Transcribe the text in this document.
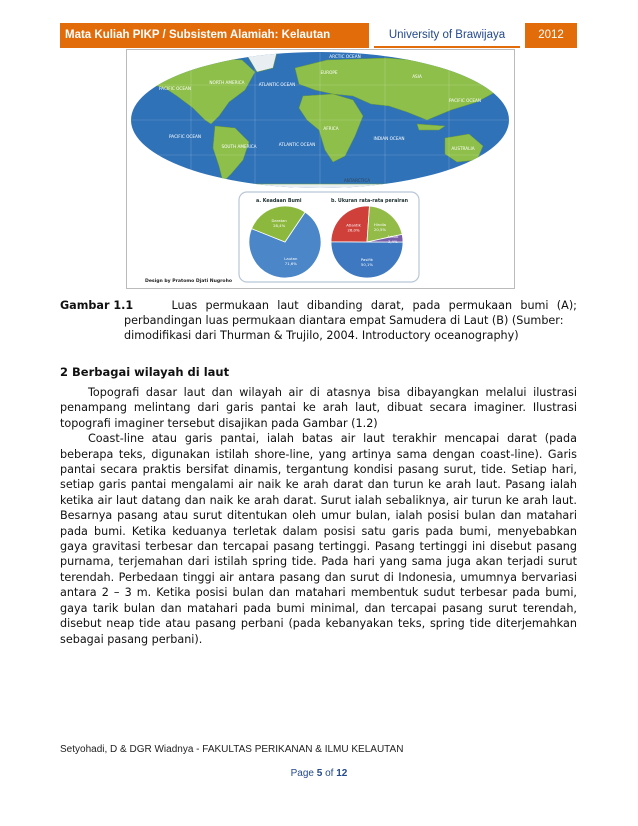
Mata Kuliah PIKP / Subsistem Alamiah: Kelautan	University of Brawijaya	2012
ARCTIC OCEAN
NORTH AMERICA
EUROPE
ASIA
PACIFIC OCEAN
PACIFIC OCEAN
ATLANTIC OCEAN
AFRICA
SOUTH AMERICA
PACIFIC OCEAN
ATLANTIC OCEAN
INDIAN OCEAN
AUSTRALIA
ANTARCTICA
a. Keadaan Bumi	b. Ukuran rata-rata perairan
Lautan
71,6%
Daratan
28,4%
Pasifik
50,1%
Atlantik
26,0%
Hindia
20,5%
Arktik
3,4%
Design by Pratomo Djati Nugroho
Gambar 1.1	Luas permukaan laut dibanding darat, pada permukaan bumi (A);
perbandingan luas permukaan diantara empat Samudera di Laut (B) (Sumber:
dimodifikasi dari Thurman & Trujilo, 2004. Introductory oceanography)
2 Berbagai wilayah di laut

Topografi dasar laut dan wilayah air di atasnya bisa dibayangkan melalui ilustrasi penampang melintang dari garis pantai ke arah laut, dibuat secara imaginer. Ilustrasi topografi imaginer tersebut disajikan pada Gambar (1.2)

Coast-line atau garis pantai, ialah batas air laut terakhir mencapai darat (pada beberapa teks, digunakan istilah shore-line, yang artinya sama dengan coast-line). Garis pantai secara praktis bersifat dinamis, tergantung kondisi pasang surut, tide. Setiap hari, setiap garis pantai mengalami air naik ke arah darat dan turun ke arah laut. Pasang ialah ketika air laut datang dan naik ke arah darat. Surut ialah sebaliknya, air turun ke arah laut. Besarnya pasang atau surut ditentukan oleh umur bulan, ialah posisi bulan dan matahari pada bumi. Ketika keduanya terletak dalam posisi satu garis pada bumi, menyebabkan gaya gravitasi terbesar dan tercapai pasang tertinggi. Pasang tertinggi ini disebut pasang purnama, terjemahan dari istilah spring tide. Pada hari yang sama juga akan terjadi surut terendah. Perbedaan tinggi air antara pasang dan surut di Indonesia, umumnya bervariasi antara 2 – 3 m. Ketika posisi bulan dan matahari membentuk sudut terbesar pada bumi, gaya tarik bulan dan matahari pada bumi minimal, dan tercapai pasang surut terendah, disebut neap tide atau pasang perbani (pada kebanyakan teks, spring tide diterjemahkan sebagai pasang perbani).

Setyohadi, D & DGR Wiadnya - FAKULTAS PERIKANAN & ILMU KELAUTAN
Page 5 of 12
